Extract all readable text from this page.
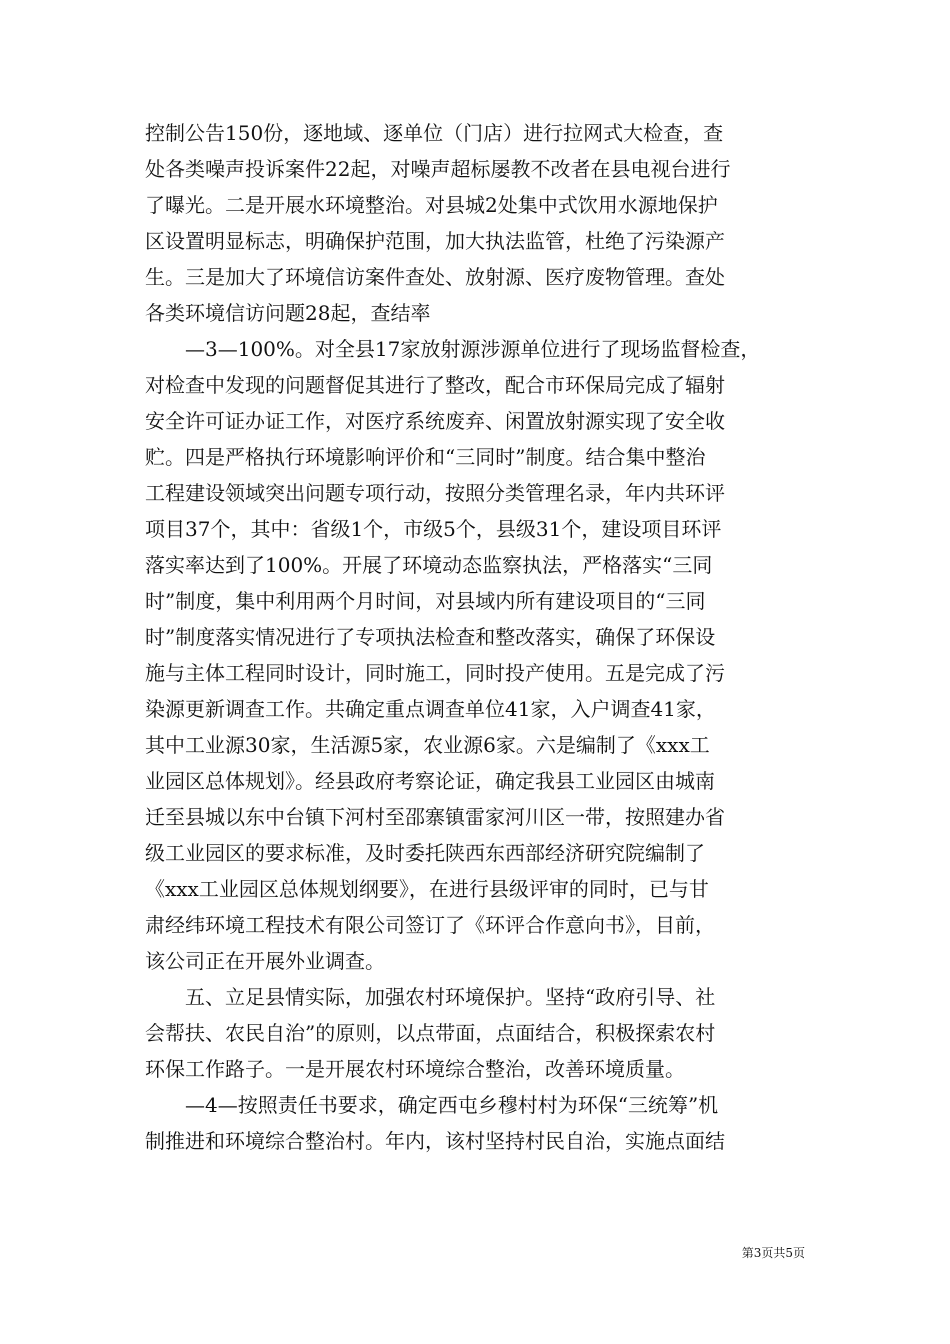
控制公告150份，逐地域、逐单位（门店）进行拉网式大检查，查
处各类噪声投诉案件22起，对噪声超标屡教不改者在县电视台进行
了曝光。二是开展水环境整治。对县城2处集中式饮用水源地保护
区设置明显标志，明确保护范围，加大执法监管，杜绝了污染源产
生。三是加大了环境信访案件查处、放射源、医疗废物管理。查处
各类环境信访问题28起，查结率
—3—100%。对全县17家放射源涉源单位进行了现场监督检查，
对检查中发现的问题督促其进行了整改，配合市环保局完成了辐射
安全许可证办证工作，对医疗系统废弃、闲置放射源实现了安全收
贮。四是严格执行环境影响评价和“三同时”制度。结合集中整治
工程建设领域突出问题专项行动，按照分类管理名录，年内共环评
项目37个，其中：省级1个，市级5个，县级31个，建设项目环评
落实率达到了100%。开展了环境动态监察执法，严格落实“三同
时”制度，集中利用两个月时间，对县域内所有建设项目的“三同
时”制度落实情况进行了专项执法检查和整改落实，确保了环保设
施与主体工程同时设计，同时施工，同时投产使用。五是完成了污
染源更新调查工作。共确定重点调查单位41家，入户调查41家，
其中工业源30家，生活源5家，农业源6家。六是编制了《xxx工
业园区总体规划》。经县政府考察论证，确定我县工业园区由城南
迁至县城以东中台镇下河村至邵寨镇雷家河川区一带，按照建办省
级工业园区的要求标准，及时委托陕西东西部经济研究院编制了
《xxx工业园区总体规划纲要》，在进行县级评审的同时，已与甘
肃经纬环境工程技术有限公司签订了《环评合作意向书》，目前，
该公司正在开展外业调查。
五、立足县情实际，加强农村环境保护。坚持“政府引导、社
会帮扶、农民自治”的原则，以点带面，点面结合，积极探索农村
环保工作路子。一是开展农村环境综合整治，改善环境质量。
—4—按照责任书要求，确定西屯乡穆村村为环保“三统筹”机
制推进和环境综合整治村。年内，该村坚持村民自治，实施点面结
第3页共5页
